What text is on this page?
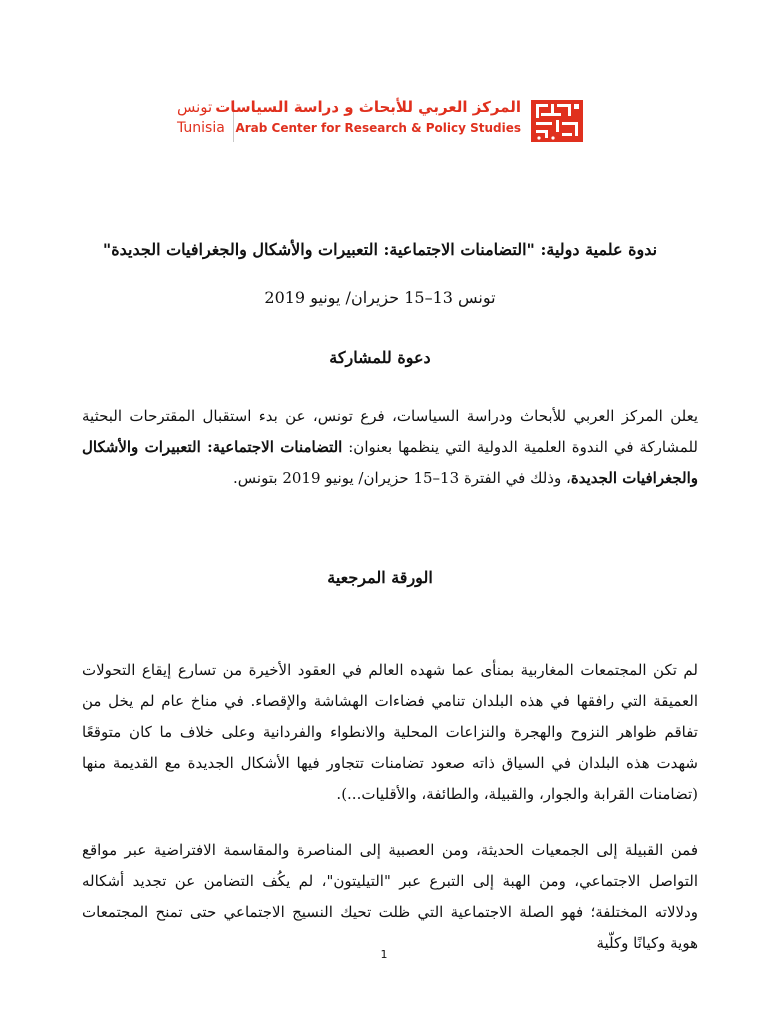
تونس
Tunisia
المركز العربي للأبحاث و دراسة السياسات
Arab Center for Research & Policy Studies
ندوة علمية دولية: "التضامنات الاجتماعية: التعبيرات والأشكال والجغرافيات الجديدة"
تونس 13–15 حزيران/ يونيو 2019
دعوة للمشاركة
يعلن المركز العربي للأبحاث ودراسة السياسات، فرع تونس، عن بدء استقبال المقترحات البحثية للمشاركة في الندوة العلمية الدولية التي ينظمها بعنوان: التضامنات الاجتماعية: التعبيرات والأشكال والجغرافيات الجديدة، وذلك في الفترة 13–15 حزيران/ يونيو 2019 بتونس.
الورقة المرجعية
لم تكن المجتمعات المغاربية بمنأى عما شهده العالم في العقود الأخيرة من تسارع إيقاع التحولات العميقة التي رافقها في هذه البلدان تنامي فضاءات الهشاشة والإقصاء. في مناخ عام لم يخل من تفاقم ظواهر النزوح والهجرة والنزاعات المحلية والانطواء والفردانية وعلى خلاف ما كان متوقعًا شهدت هذه البلدان في السياق ذاته صعود تضامنات تتجاور فيها الأشكال الجديدة مع القديمة منها (تضامنات القرابة والجوار، والقبيلة، والطائفة، والأقليات...).
فمن القبيلة إلى الجمعيات الحديثة، ومن العصبية إلى المناصرة والمقاسمة الافتراضية عبر مواقع التواصل الاجتماعي، ومن الهبة إلى التبرع عبر "التيليتون"، لم يكُف التضامن عن تجديد أشكاله ودلالاته المختلفة؛ فهو الصلة الاجتماعية التي ظلت تحيك النسيج الاجتماعي حتى تمنح المجتمعات هوية وكيانًا وكلّية
1
